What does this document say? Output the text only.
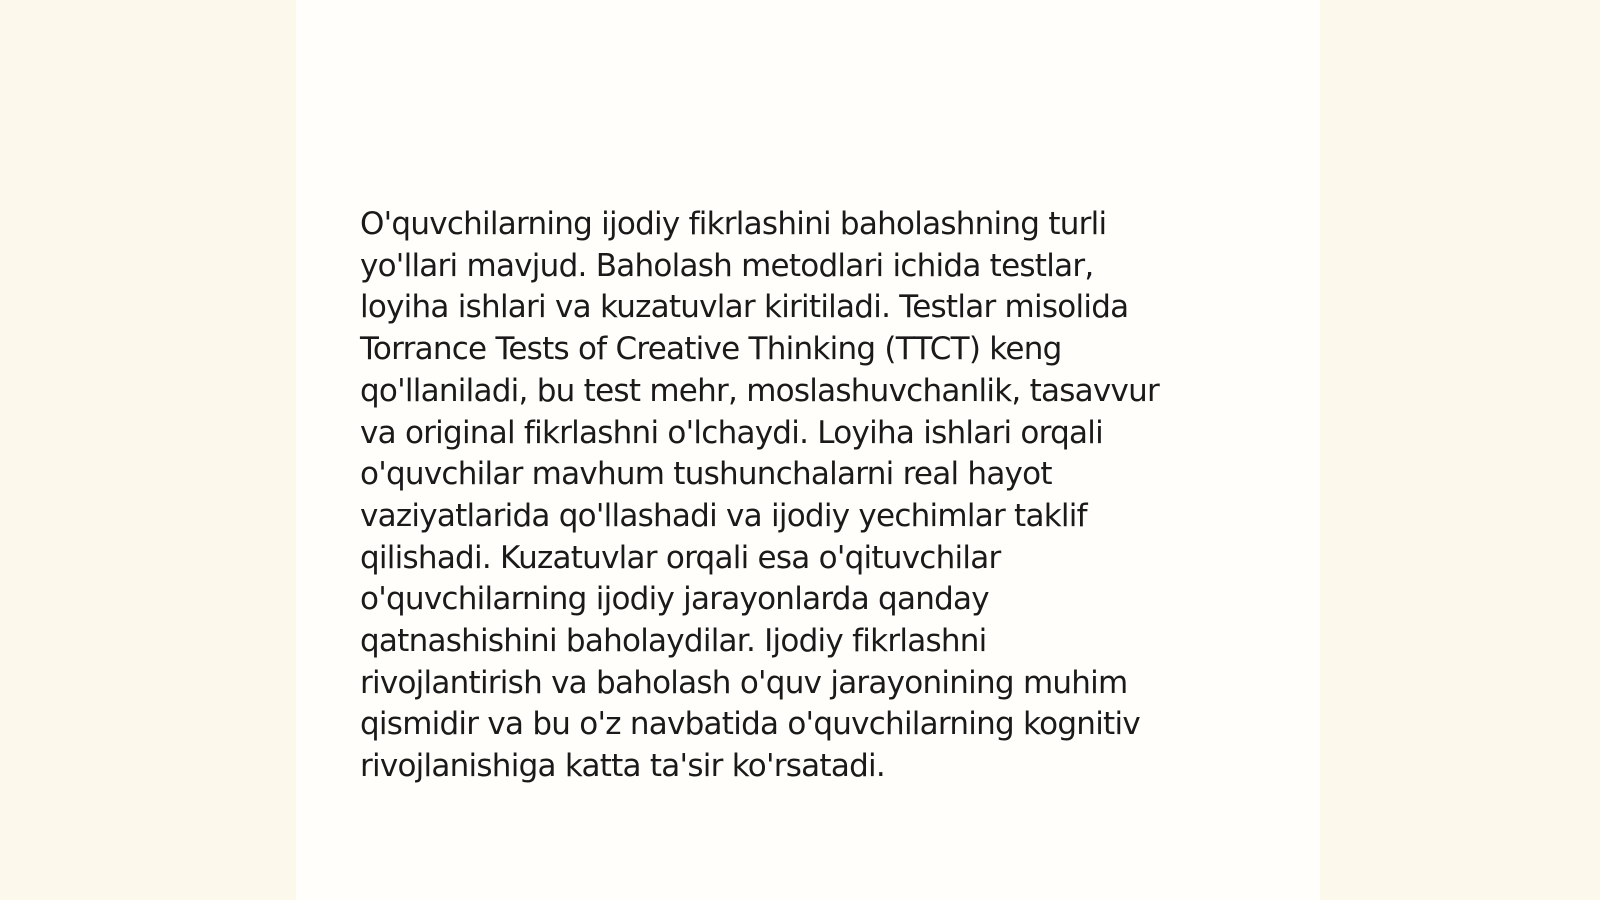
O'quvchilarning ijodiy fikrlashini baholashning turli
yo'llari mavjud. Baholash metodlari ichida testlar,
loyiha ishlari va kuzatuvlar kiritiladi. Testlar misolida
Torrance Tests of Creative Thinking (TTCT) keng
qo'llaniladi, bu test mehr, moslashuvchanlik, tasavvur
va original fikrlashni o'lchaydi. Loyiha ishlari orqali
o'quvchilar mavhum tushunchalarni real hayot
vaziyatlarida qo'llashadi va ijodiy yechimlar taklif
qilishadi. Kuzatuvlar orqali esa o'qituvchilar
o'quvchilarning ijodiy jarayonlarda qanday
qatnashishini baholaydilar. Ijodiy fikrlashni
rivojlantirish va baholash o'quv jarayonining muhim
qismidir va bu o'z navbatida o'quvchilarning kognitiv
rivojlanishiga katta ta'sir ko'rsatadi.
